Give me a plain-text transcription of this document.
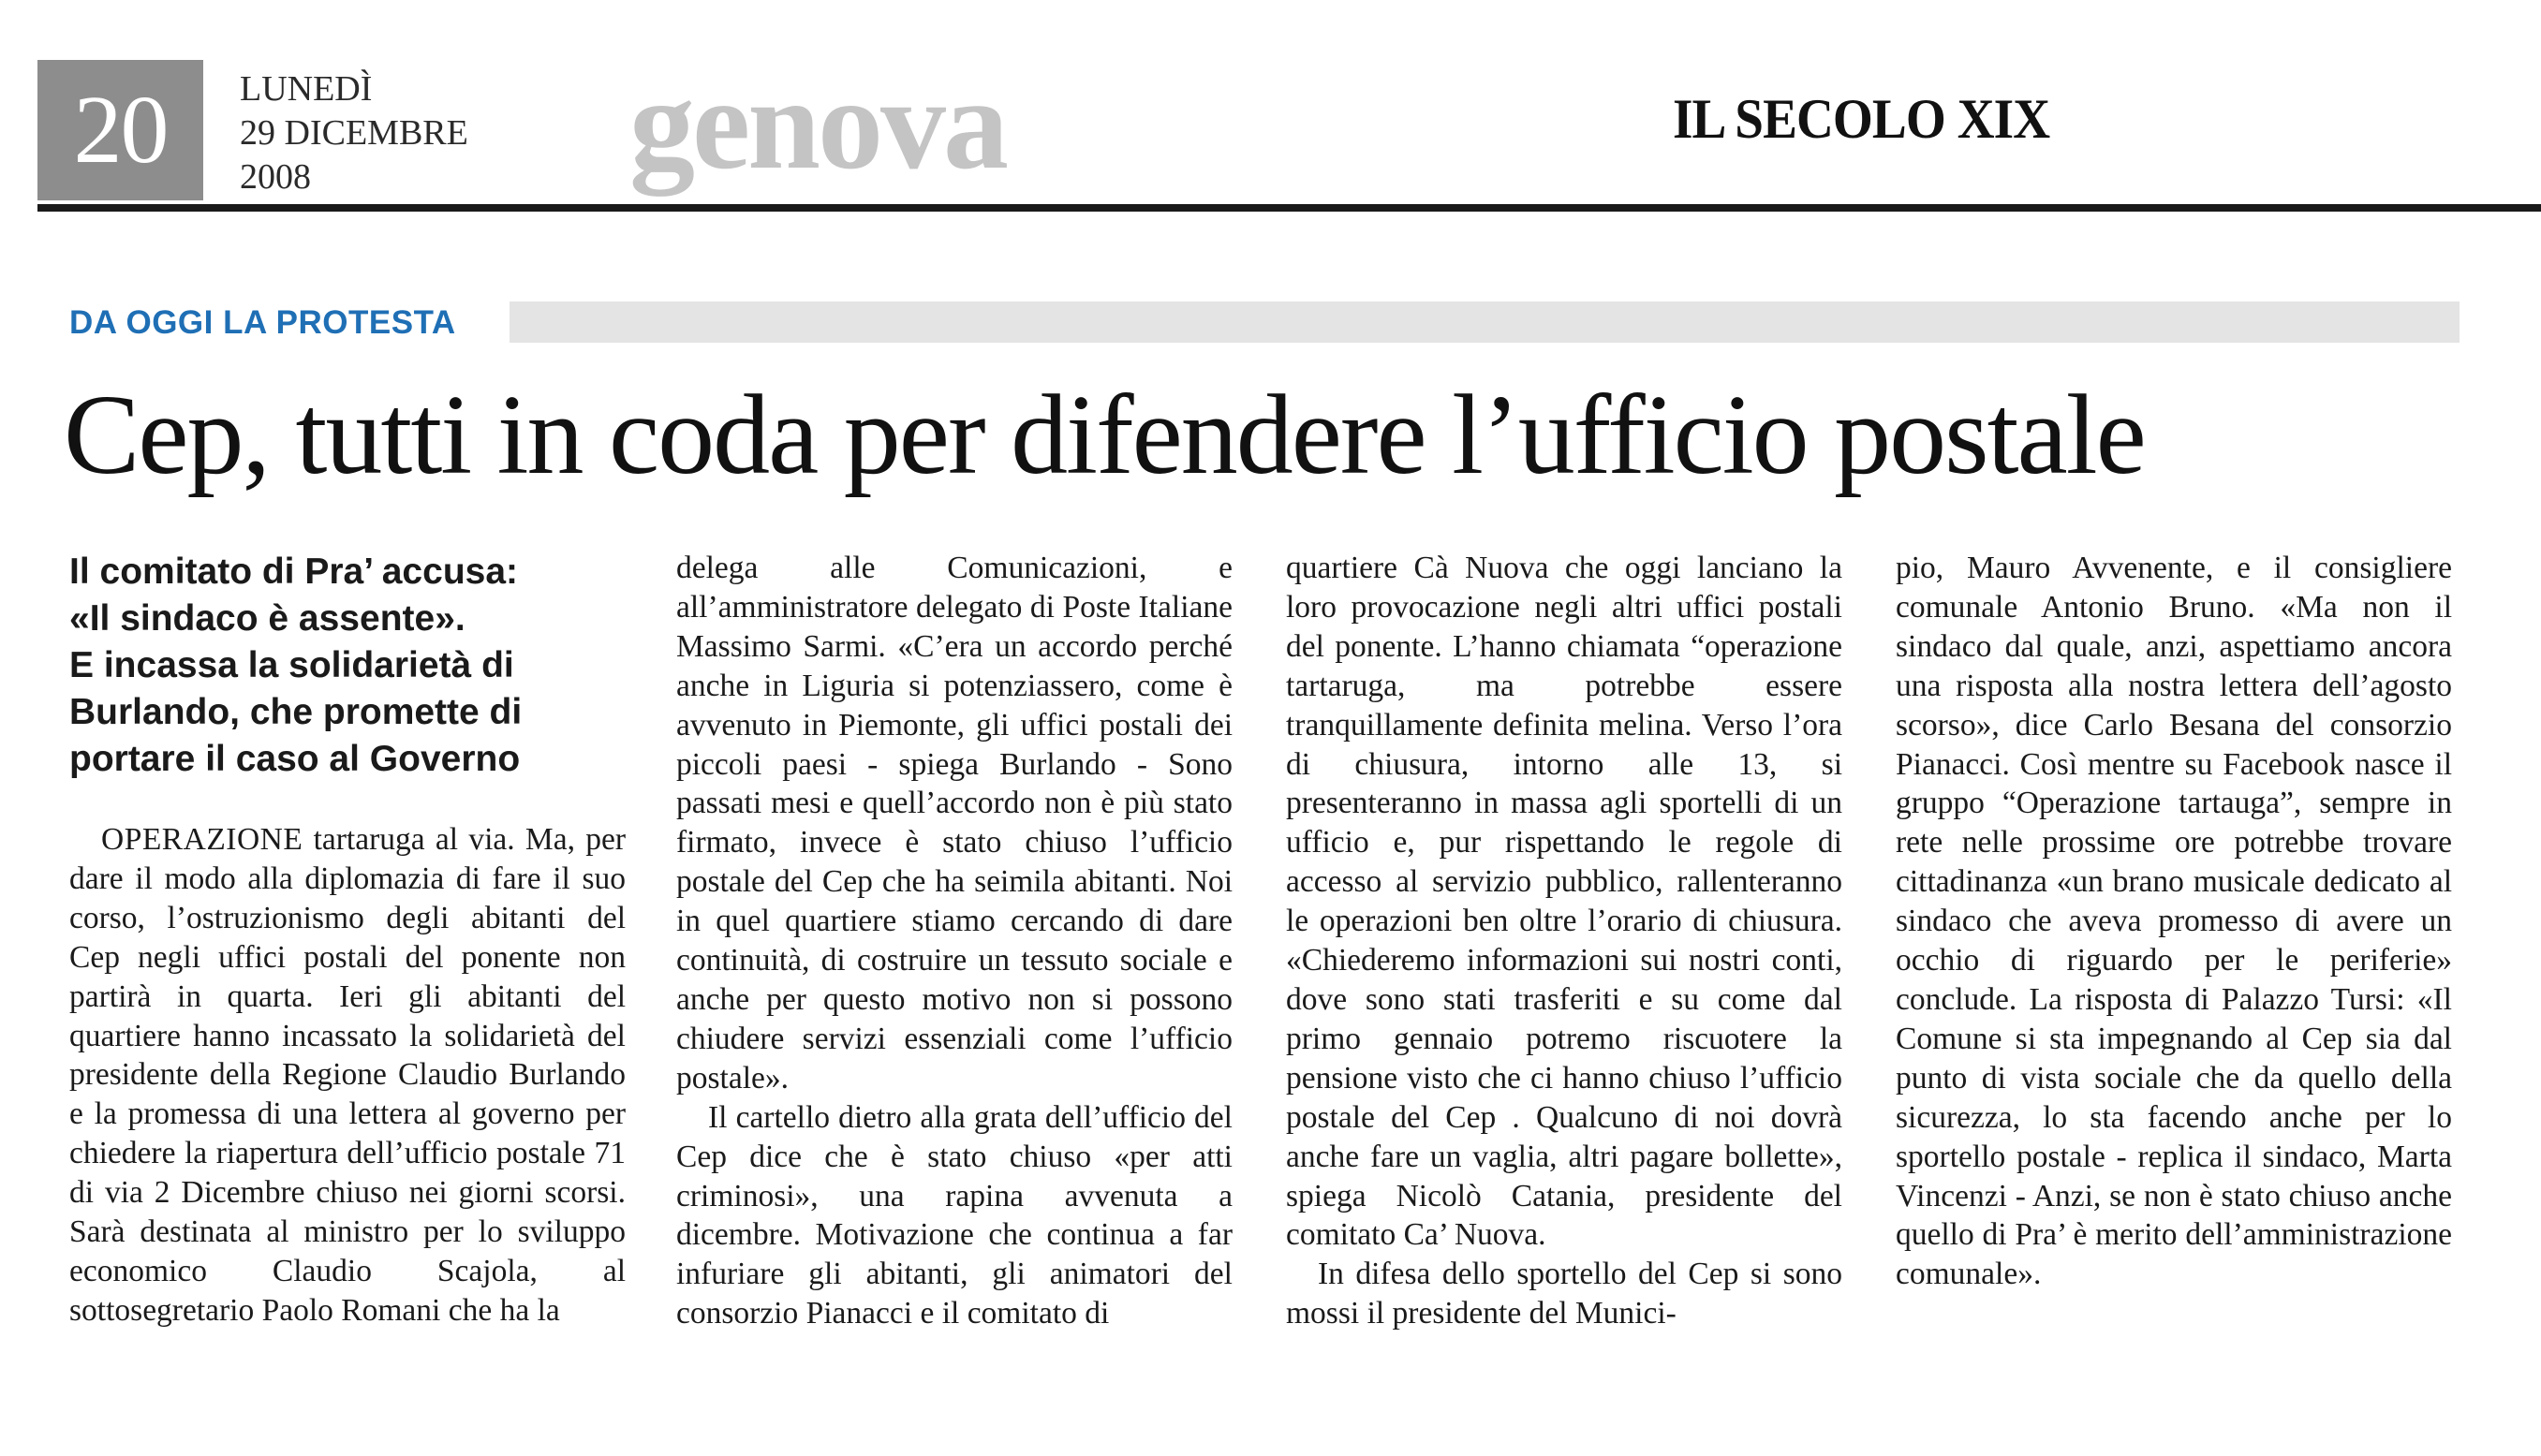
20	LUNEDÌ
29 DICEMBRE
2008	genova	IL SECOLO XIX
DA OGGI LA PROTESTA
Cep, tutti in coda per difendere l’ufficio postale
Il comitato di Pra’ accusa:
«Il sindaco è assente».
E incassa la solidarietà di
Burlando, che promette di
portare il caso al Governo

OPERAZIONE tartaruga al via. Ma, per dare il modo alla diplomazia di fare il suo corso, l’ostruzionismo degli abitanti del Cep negli uffici postali del ponente non partirà in quarta. Ieri gli abitanti del quartiere hanno incassato la solidarietà del presidente della Regione Claudio Burlando e la promessa di una lettera al governo per chiedere la riapertura dell’ufficio postale 71 di via 2 Dicembre chiuso nei giorni scorsi. Sarà destinata al ministro per lo sviluppo economico Claudio Scajola, al sottosegretario Paolo Romani che ha la

delega alle Comunicazioni, e all’amministratore delegato di Poste Italiane Massimo Sarmi. «C’era un accordo perché anche in Liguria si potenziassero, come è avvenuto in Piemonte, gli uffici postali dei piccoli paesi - spiega Burlando - Sono passati mesi e quell’accordo non è più stato firmato, invece è stato chiuso l’ufficio postale del Cep che ha seimila abitanti. Noi in quel quartiere stiamo cercando di dare continuità, di costruire un tessuto sociale e anche per questo motivo non si possono chiudere servizi essenziali come l’ufficio postale».

Il cartello dietro alla grata dell’ufficio del Cep dice che è stato chiuso «per atti criminosi», una rapina avvenuta a dicembre. Motivazione che continua a far infuriare gli abitanti, gli animatori del consorzio Pianacci e il comitato di

quartiere Cà Nuova che oggi lanciano la loro provocazione negli altri uffici postali del ponente. L’hanno chiamata “operazione tartaruga, ma potrebbe essere tranquillamente definita melina. Verso l’ora di chiusura, intorno alle 13, si presenteranno in massa agli sportelli di un ufficio e, pur rispettando le regole di accesso al servizio pubblico, rallenteranno le operazioni ben oltre l’orario di chiusura. «Chiederemo informazioni sui nostri conti, dove sono stati trasferiti e su come dal primo gennaio potremo riscuotere la pensione visto che ci hanno chiuso l’ufficio postale del Cep . Qualcuno di noi dovrà anche fare un vaglia, altri pagare bollette», spiega Nicolò Catania, presidente del comitato Ca’ Nuova.

In difesa dello sportello del Cep si sono mossi il presidente del Munici-

pio, Mauro Avvenente, e il consigliere comunale Antonio Bruno. «Ma non il sindaco dal quale, anzi, aspettiamo ancora una risposta alla nostra lettera dell’agosto scorso», dice Carlo Besana del consorzio Pianacci. Così mentre su Facebook nasce il gruppo “Operazione tartauga”, sempre in rete nelle prossime ore potrebbe trovare cittadinanza «un brano musicale dedicato al sindaco che aveva promesso di avere un occhio di riguardo per le periferie» conclude. La risposta di Palazzo Tursi: «Il Comune si sta impegnando al Cep sia dal punto di vista sociale che da quello della sicurezza, lo sta facendo anche per lo sportello postale - replica il sindaco, Marta Vincenzi - Anzi, se non è stato chiuso anche quello di Pra’ è merito dell’amministrazione comunale».
